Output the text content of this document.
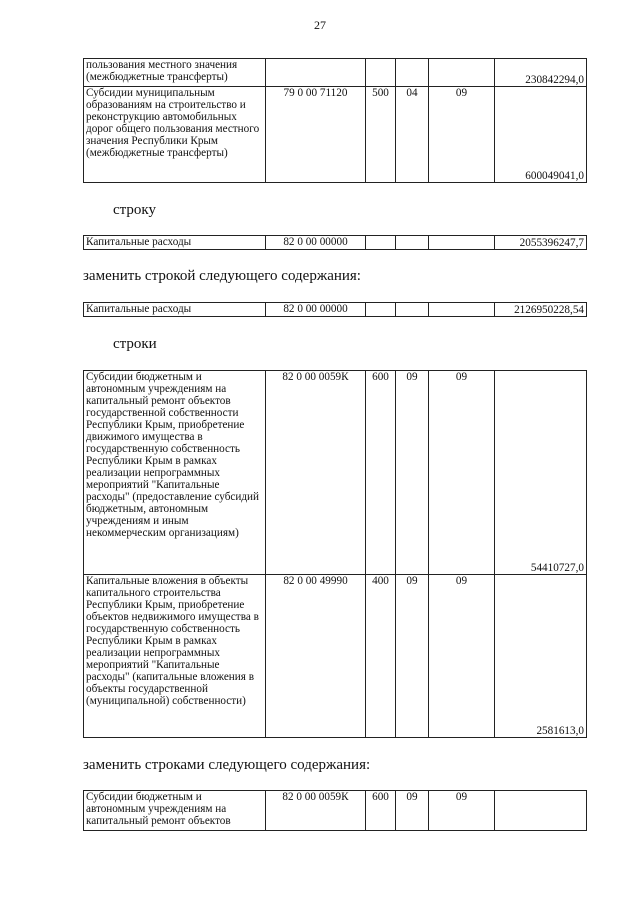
27
пользования местного значения (межбюджетные трансферты)					230842294,0
Субсидии муниципальным образованиям на строительство и реконструкцию автомобильных дорог общего пользования местного значения Республики Крым (межбюджетные трансферты)	79 0 00 71120	500	04	09	600049041,0
строку
Капитальные расходы	82 0 00 00000				2055396247,7
заменить строкой следующего содержания:
Капитальные расходы	82 0 00 00000				2126950228,54
строки
Субсидии бюджетным и автономным учреждениям на капитальный ремонт объектов государственной собственности Республики Крым, приобретение движимого имущества в государственную собственность Республики Крым в рамках реализации непрограммных мероприятий "Капитальные расходы" (предоставление субсидий бюджетным, автономным учреждениям и иным некоммерческим организациям)	82 0 00 0059К	600	09	09	54410727,0
Капитальные вложения в объекты капитального строительства Республики Крым, приобретение объектов недвижимого имущества в государственную собственность Республики Крым в рамках реализации непрограммных мероприятий "Капитальные расходы" (капитальные вложения в объекты государственной (муниципальной) собственности)	82 0 00 49990	400	09	09	2581613,0
заменить строками следующего содержания:
Субсидии бюджетным и автономным учреждениям на капитальный ремонт объектов	82 0 00 0059К	600	09	09	
